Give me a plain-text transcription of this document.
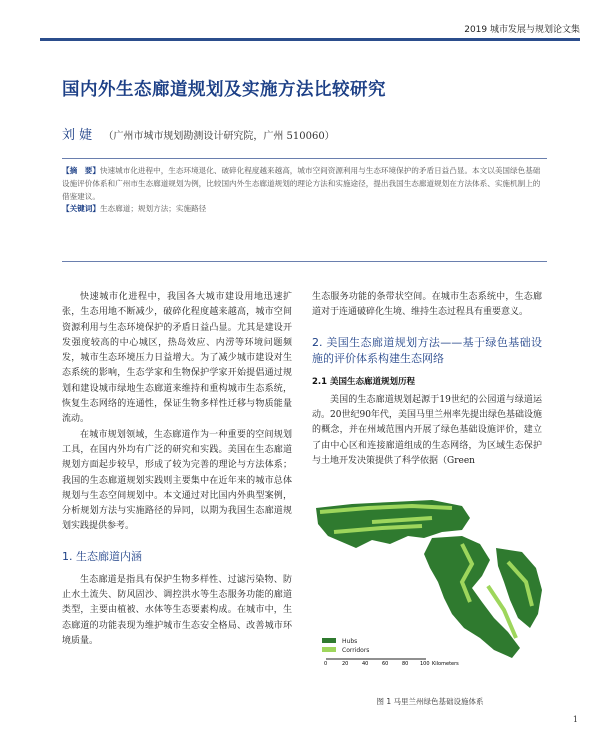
2019 城市发展与规划论文集
国内外生态廊道规划及实施方法比较研究
刘 婕 （广州市城市规划勘测设计研究院，广州 510060）
【摘　要】快速城市化进程中，生态环境退化、破碎化程度越来越高，城市空间资源利用与生态环境保护的矛盾日益凸显。本文以美国绿色基础设施评价体系和广州市生态廊道规划为例，比较国内外生态廊道规划的理论方法和实施途径，提出我国生态廊道规划在方法体系、实施机制上的借鉴建议。
【关键词】生态廊道；规划方法；实施路径

快速城市化进程中，我国各大城市建设用地迅速扩张，生态用地不断减少，破碎化程度越来越高，城市空间资源利用与生态环境保护的矛盾日益凸显。尤其是建设开发强度较高的中心城区，热岛效应、内涝等环境问题频发，城市生态环境压力日益增大。为了减少城市建设对生态系统的影响，生态学家和生物保护学家开始提倡通过规划和建设城市绿地生态廊道来维持和重构城市生态系统，恢复生态网络的连通性，保证生物多样性迁移与物质能量流动。

在城市规划领域，生态廊道作为一种重要的空间规划工具，在国内外均有广泛的研究和实践。美国在生态廊道规划方面起步较早，形成了较为完善的理论与方法体系；我国的生态廊道规划实践则主要集中在近年来的城市总体规划与生态空间规划中。本文通过对比国内外典型案例，分析规划方法与实施路径的异同，以期为我国生态廊道规划实践提供参考。

1. 生态廊道内涵

生态廊道是指具有保护生物多样性、过滤污染物、防止水土流失、防风固沙、调控洪水等生态服务功能的廊道类型，主要由植被、水体等生态要素构成。在城市中，生态廊道的功能表现为维护城市生态安全格局、改善城市环境质量。

生态服务功能的条带状空间。在城市生态系统中，生态廊道对于连通破碎化生境、维持生态过程具有重要意义。

2. 美国生态廊道规划方法——基于绿色基础设施的评价体系构建生态网络
2.1 美国生态廊道规划历程

美国的生态廊道规划起源于19世纪的公园道与绿道运动。20世纪90年代，美国马里兰州率先提出绿色基础设施的概念，并在州域范围内开展了绿色基础设施评价，建立了由中心区和连接廊道组成的生态网络，为区域生态保护与土地开发决策提供了科学依据（Green

Hubs
Corridors
0	20	40	60	80 100 Kilometers
图 1 马里兰州绿色基础设施体系
1
